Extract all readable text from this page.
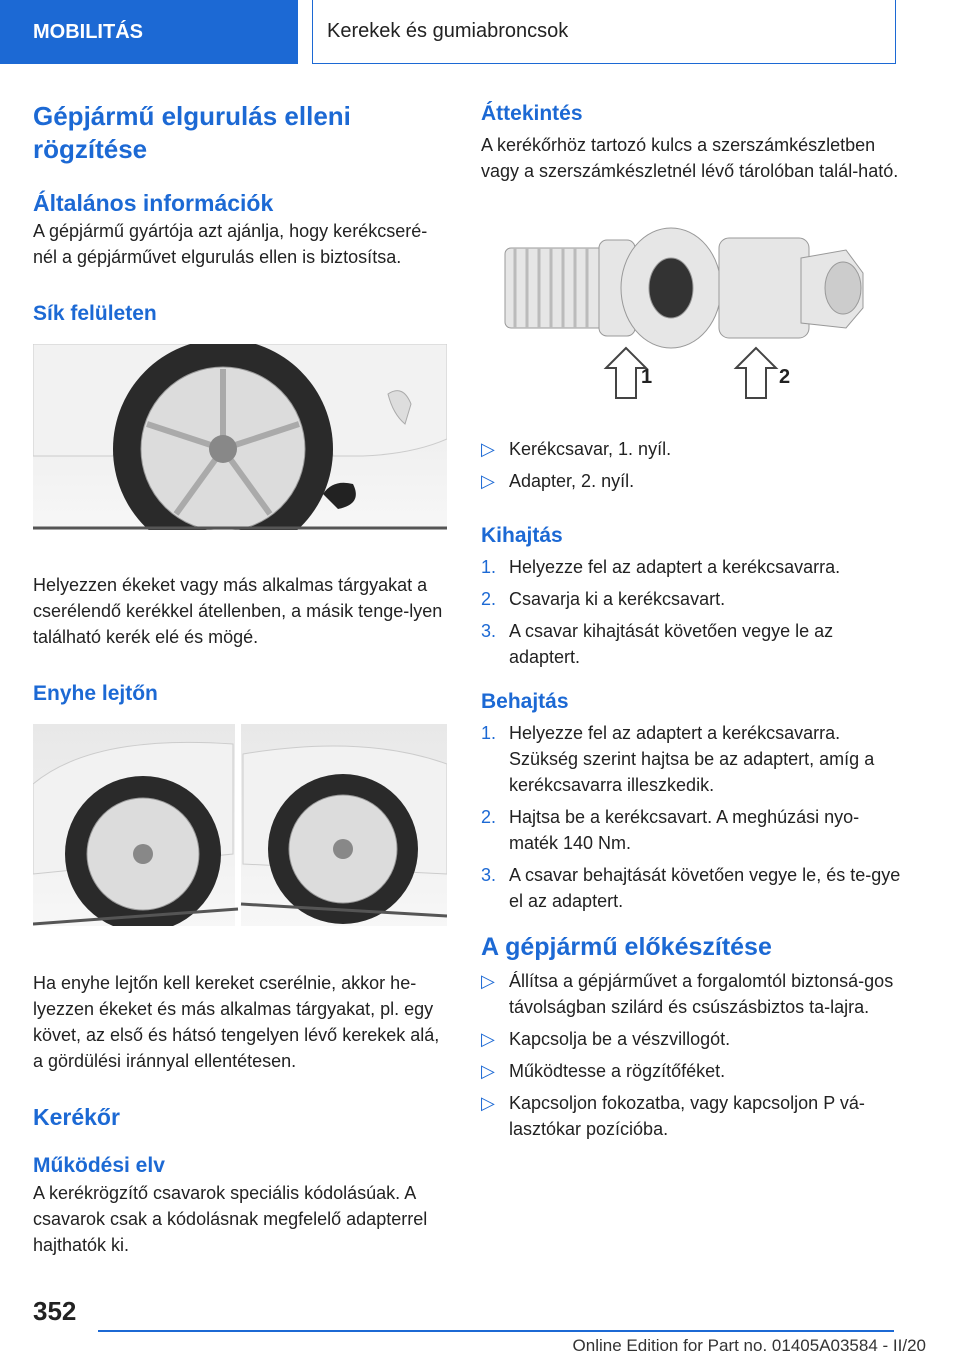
MOBILITÁS	Kerekek és gumiabroncsok
Gépjármű elgurulás elleni rögzítése
Általános információk

A gépjármű gyártója azt ajánlja, hogy kerékcseré-nél a gépjárművet elgurulás ellen is biztosítsa.

Sík felületen

Helyezzen ékeket vagy más alkalmas tárgyakat a cserélendő kerékkel átellenben, a másik tenge-lyen található kerék elé és mögé.

Enyhe lejtőn

Ha enyhe lejtőn kell kereket cserélnie, akkor he-lyezzen ékeket és más alkalmas tárgyakat, pl. egy követ, az első és hátsó tengelyen lévő kerekek alá, a gördülési iránnyal ellentétesen.

Kerékőr
Működési elv

A kerékrögzítő csavarok speciális kódolásúak. A csavarok csak a kódolásnak megfelelő adapterrel hajthatók ki.

Áttekintés

A kerékőrhöz tartozó kulcs a szerszámkészletben vagy a szerszámkészletnél lévő tárolóban talál-ható.

1	2
▷ Kerékcsavar, 1. nyíl.
▷ Adapter, 2. nyíl.
Kihajtás
1. Helyezze fel az adaptert a kerékcsavarra.
2. Csavarja ki a kerékcsavart.
3. A csavar kihajtását követően vegye le az adaptert.
Behajtás
1. Helyezze fel az adaptert a kerékcsavarra. Szükség szerint hajtsa be az adaptert, amíg a kerékcsavarra illeszkedik.
2. Hajtsa be a kerékcsavart. A meghúzási nyo-maték 140 Nm.
3. A csavar behajtását követően vegye le, és te-gye el az adaptert.
A gépjármű előkészítése
▷ Állítsa a gépjárművet a forgalomtól biztonsá-gos távolságban szilárd és csúszásbiztos ta-lajra.
▷ Kapcsolja be a vészvillogót.
▷ Működtesse a rögzítőféket.
▷ Kapcsoljon fokozatba, vagy kapcsoljon P vá-lasztókar pozícióba.
352
Online Edition for Part no. 01405A03584 - II/20
